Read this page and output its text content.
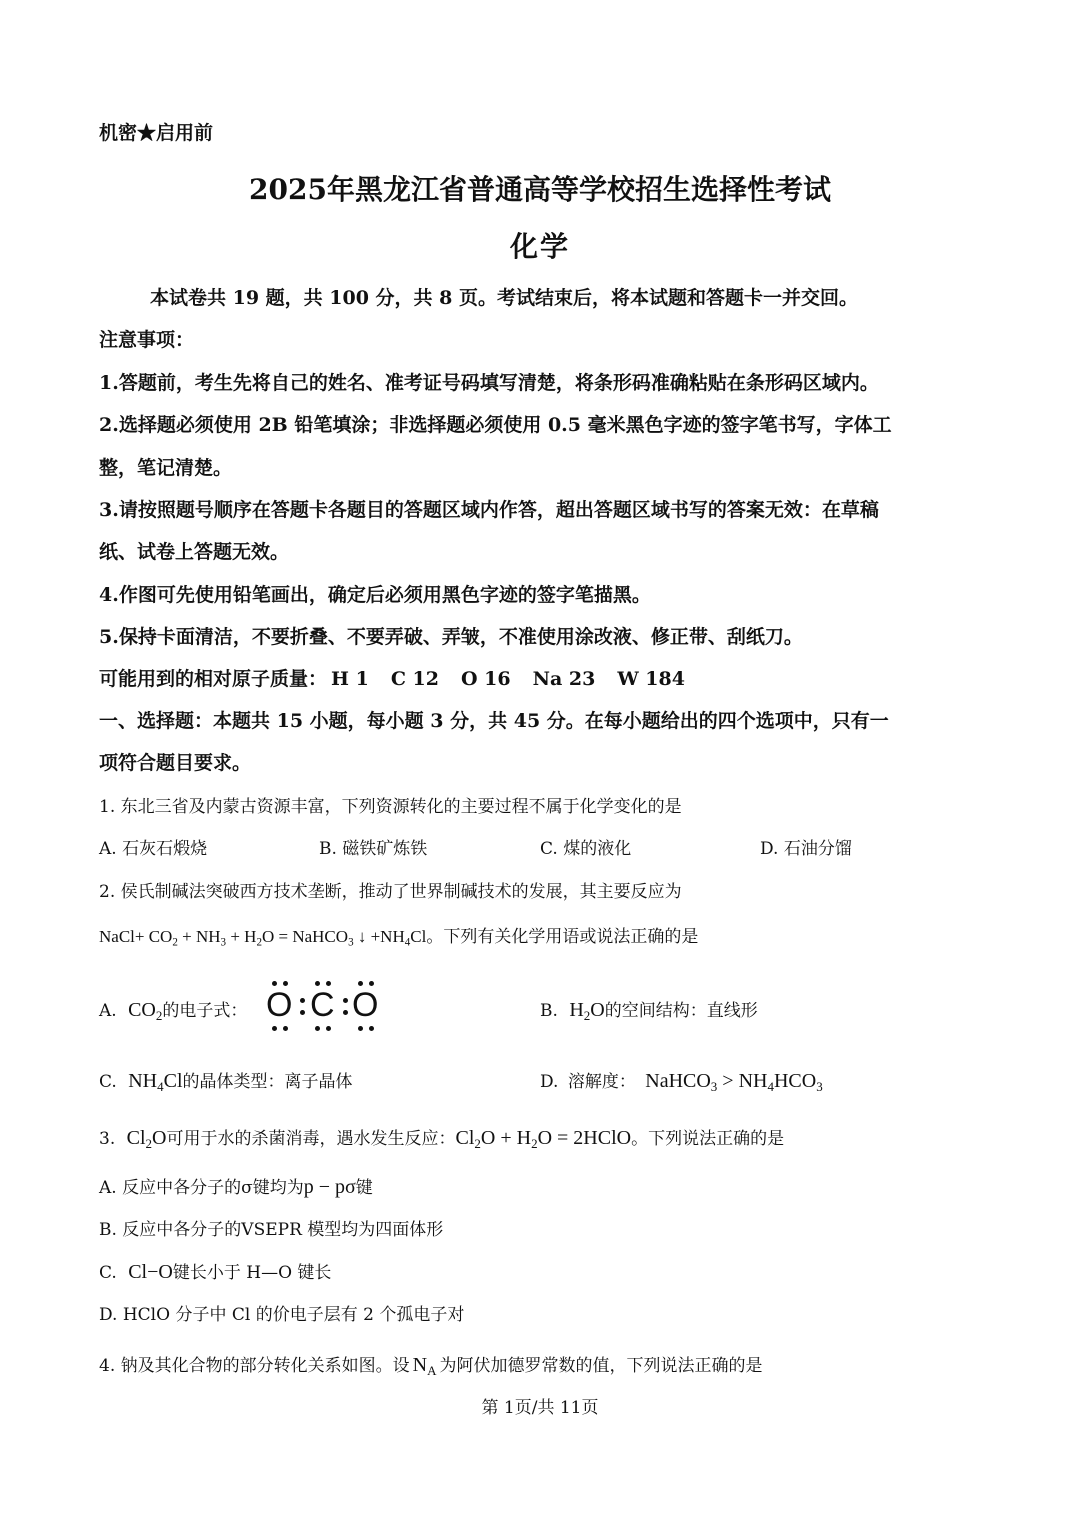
机密★启用前
2025年黑龙江省普通高等学校招生选择性考试
化学
本试卷共 19 题，共 100 分，共 8 页。考试结束后，将本试题和答题卡一并交回。
注意事项：
1.答题前，考生先将自己的姓名、准考证号码填写清楚，将条形码准确粘贴在条形码区域内。
2.选择题必须使用 2B 铅笔填涂；非选择题必须使用 0.5 毫米黑色字迹的签字笔书写，字体工
整，笔记清楚。
3.请按照题号顺序在答题卡各题目的答题区域内作答，超出答题区域书写的答案无效：在草稿
纸、试卷上答题无效。
4.作图可先使用铅笔画出，确定后必须用黑色字迹的签字笔描黑。
5.保持卡面清洁，不要折叠、不要弄破、弄皱，不准使用涂改液、修正带、刮纸刀。
可能用到的相对原子质量： H 1 C 12 O 16 Na 23 W 184
一、选择题：本题共 15 小题，每小题 3 分，共 45 分。在每小题给出的四个选项中，只有一
项符合题目要求。
1. 东北三省及内蒙古资源丰富，下列资源转化的主要过程不属于化学变化的是
A. 石灰石煅烧	B. 磁铁矿炼铁	C. 煤的液化	D. 石油分馏
2. 侯氏制碱法突破西方技术垄断，推动了世界制碱技术的发展，其主要反应为
NaCl+ $CO_2 + NH_3 + H_2O$ = NaHCO$_3$ ↓ $+NH_4Cl$。下列有关化学用语或说法正确的是
A. $CO_2$的电子式： O C O	B. $H_2O$的空间结构：直线形
C. $NH_4Cl$的晶体类型：离子晶体	D. 溶解度： NaHCO$_3$ > $NH_4HCO_3$
3. $Cl_2O$可用于水的杀菌消毒，遇水发生反应：$Cl_2O + H_2O$ = 2HClO。下列说法正确的是
A. 反应中各分子的σ键均为p − pσ键
B. 反应中各分子的VSEPR 模型均为四面体形
C. Cl−O键长小于 H—O 键长
D. HClO 分子中 Cl 的价电子层有 2 个孤电子对
4. 钠及其化合物的部分转化关系如图。设 $N_A$ 为阿伏加德罗常数的值，下列说法正确的是
第 1页/共 11页
